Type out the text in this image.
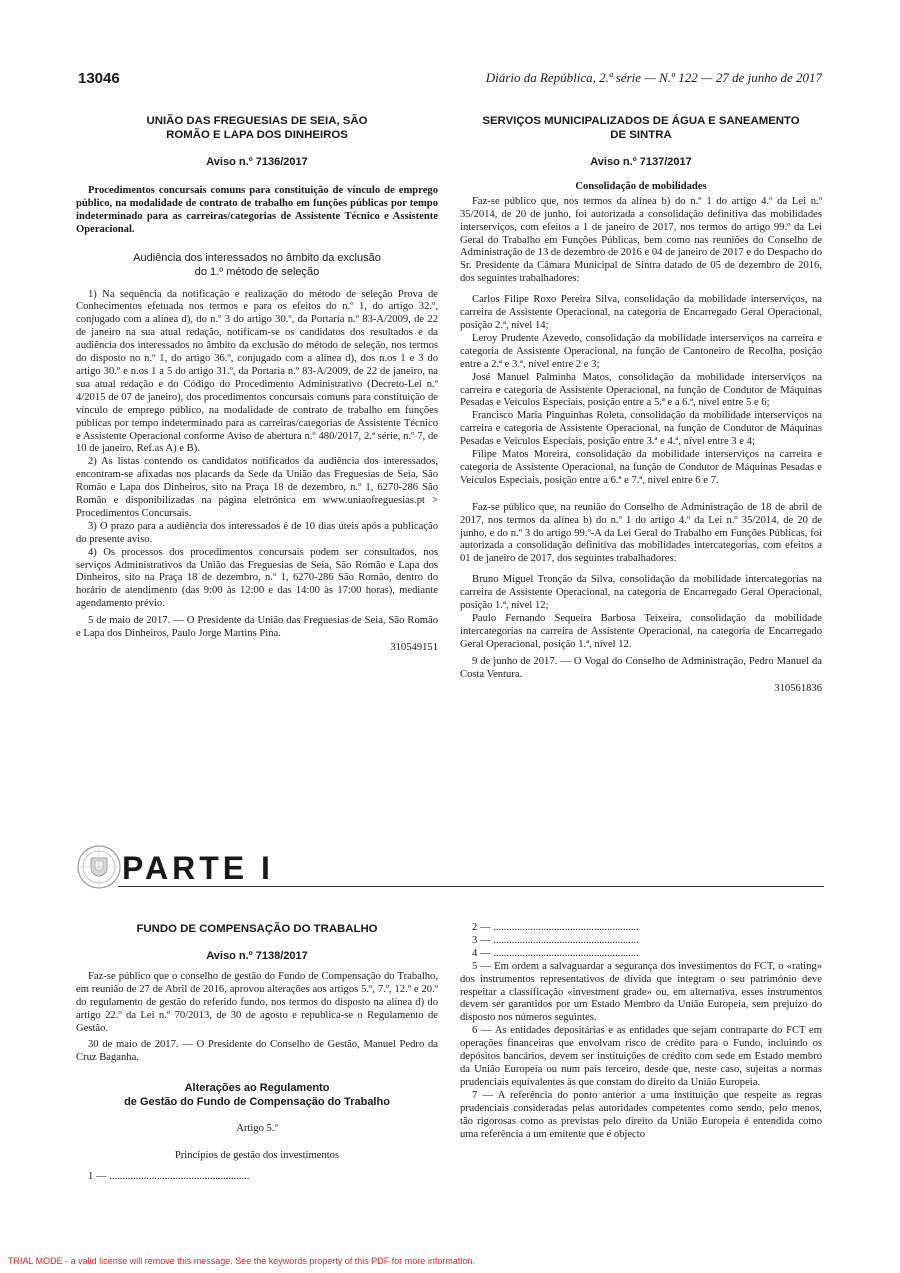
13046	Diário da República, 2.ª série — N.º 122 — 27 de junho de 2017
UNIÃO DAS FREGUESIAS DE SEIA, SÃO ROMÃO E LAPA DOS DINHEIROS
Aviso n.º 7136/2017
Procedimentos concursais comuns para constituição de vínculo de emprego público, na modalidade de contrato de trabalho em funções públicas por tempo indeterminado para as carreiras/categorias de Assistente Técnico e Assistente Operacional.
Audiência dos interessados no âmbito da exclusão
do 1.º método de seleção

1) Na sequência da notificação e realização do método de seleção Prova de Conhecimentos efetuada nos termos e para os efeitos do n.º 1, do artigo 32.º, conjugado com a alínea d), do n.º 3 do artigo 30.º, da Portaria n.º 83-A/2009, de 22 de janeiro na sua atual redação, notificam-se os candidatos dos resultados e da audiência dos interessados no âmbito da exclusão do método de seleção, nos termos do disposto no n.º 1, do artigo 36.º, conjugado com a alínea d), dos n.os 1 e 3 do artigo 30.º e n.os 1 a 5 do artigo 31.º, da Portaria n.º 83-A/2009, de 22 de janeiro, na sua atual redação e do Código do Procedimento Administrativo (Decreto-Lei n.º 4/2015 de 07 de janeiro), dos procedimentos concursais comuns para constituição de vínculo de emprego público, na modalidade de contrato de trabalho em funções públicas por tempo indeterminado para as carreiras/categorias de Assistente Técnico e Assistente Operacional conforme Aviso de abertura n.º 480/2017, 2.ª série, n.º 7, de 10 de janeiro, Ref.as A) e B).

2) As listas contendo os candidatos notificados da audiência dos interessados, encontram-se afixadas nos placards da Sede da União das Freguesias de Seia, São Romão e Lapa dos Dinheiros, sito na Praça 18 de dezembro, n.º 1, 6270-286 São Romão e disponibilizadas na página eletrónica em www.uniaofreguesias.pt > Procedimentos Concursais.

3) O prazo para a audiência dos interessados é de 10 dias úteis após a publicação do presente aviso.

4) Os processos dos procedimentos concursais podem ser consultados, nos serviços Administrativos da União das Freguesias de Seia, São Romão e Lapa dos Dinheiros, sito na Praça 18 de dezembro, n.º 1, 6270-286 São Romão, dentro do horário de atendimento (das 9:00 às 12:00 e das 14:00 às 17:00 horas), mediante agendamento prévio.

5 de maio de 2017. — O Presidente da União das Freguesias de Seia, São Romão e Lapa dos Dinheiros, Paulo Jorge Martins Pina.

310549151
SERVIÇOS MUNICIPALIZADOS DE ÁGUA E SANEAMENTO DE SINTRA
Aviso n.º 7137/2017
Consolidação de mobilidades

Faz-se público que, nos termos da alínea b) do n.º 1 do artigo 4.º da Lei n.º 35/2014, de 20 de junho, foi autorizada a consolidação definitiva das mobilidades interserviços, com efeitos a 1 de janeiro de 2017, nos termos do artigo 99.º da Lei Geral do Trabalho em Funções Públicas, bem como nas reuniões do Conselho de Administração de 13 de dezembro de 2016 e 04 de janeiro de 2017 e do Despacho do Sr. Presidente da Câmara Municipal de Sintra datado de 05 de dezembro de 2016, dos seguintes trabalhadores:

Carlos Filipe Roxo Pereira Silva, consolidação da mobilidade interserviços, na carreira de Assistente Operacional, na categoria de Encarregado Geral Operacional, posição 2.ª, nível 14;

Leroy Prudente Azevedo, consolidação da mobilidade interserviços na carreira e categoria de Assistente Operacional, na função de Cantoneiro de Recolha, posição entre a 2.ª e 3.ª, nível entre 2 e 3;

José Manuel Palminha Matos, consolidação da mobilidade interserviços na carreira e categoria de Assistente Operacional, na função de Condutor de Máquinas Pesadas e Veículos Especiais, posição entre a 5.ª e a 6.ª, nível entre 5 e 6;

Francisco Maria Pinguinhas Roleta, consolidação da mobilidade interserviços na carreira e categoria de Assistente Operacional, na função de Condutor de Máquinas Pesadas e Veículos Especiais, posição entre 3.ª e 4.ª, nível entre 3 e 4;

Filipe Matos Moreira, consolidação da mobilidade interserviços na carreira e categoria de Assistente Operacional, na função de Condutor de Máquinas Pesadas e Veículos Especiais, posição entre a 6.ª e 7.ª, nível entre 6 e 7.

Faz-se público que, na reunião do Conselho de Administração de 18 de abril de 2017, nos termos da alínea b) do n.º 1 do artigo 4.º da Lei n.º 35/2014, de 20 de junho, e do n.º 3 do artigo 99.º-A da Lei Geral do Trabalho em Funções Públicas, foi autorizada a consolidação definitiva das mobilidades intercategorias, com efeitos a 01 de janeiro de 2017, dos seguintes trabalhadores:

Bruno Miguel Tronção da Silva, consolidação da mobilidade intercategorias na carreira de Assistente Operacional, na categoria de Encarregado Geral Operacional, posição 1.ª, nível 12;

Paulo Fernando Sequeira Barbosa Teixeira, consolidação da mobilidade intercategorias na carreira de Assistente Operacional, na categoria de Encarregado Geral Operacional, posição 1.ª, nível 12.

9 de junho de 2017. — O Vogal do Conselho de Administração, Pedro Manuel da Costa Ventura.

310561836
PARTE I
FUNDO DE COMPENSAÇÃO DO TRABALHO
Aviso n.º 7138/2017

Faz-se público que o conselho de gestão do Fundo de Compensação do Trabalho, em reunião de 27 de Abril de 2016, aprovou alterações aos artigos 5.º, 7.º, 12.º e 20.º do regulamento de gestão do referido fundo, nos termos do disposto na alínea d) do artigo 22.º da Lei n.º 70/2013, de 30 de agosto e republica-se o Regulamento de Gestão.

30 de maio de 2017. — O Presidente do Conselho de Gestão, Manuel Pedro da Cruz Baganha.

Alterações ao Regulamento
de Gestão do Fundo de Compensação do Trabalho

Artigo 5.º

Princípios de gestão dos investimentos

1 — .....................................................

2 — .......................................................

3 — .......................................................

4 — .......................................................

5 — Em ordem a salvaguardar a segurança dos investimentos do FCT, o «rating» dos instrumentos representativos de dívida que integram o seu património deve respeitar a classificação «investment grade» ou, em alternativa, esses instrumentos devem ser garantidos por um Estado Membro da União Europeia, sem prejuízo do disposto nos números seguintes.

6 — As entidades depositárias e as entidades que sejam contraparte do FCT em operações financeiras que envolvam risco de crédito para o Fundo, incluindo os depósitos bancários, devem ser instituições de crédito com sede em Estado membro da União Europeia ou num país terceiro, desde que, neste caso, sujeitas a normas prudenciais equivalentes às que constam do direito da União Europeia.

7 — A referência do ponto anterior a uma instituição que respeite as regras prudenciais consideradas pelas autoridades competentes como sendo, pelo menos, tão rigorosas como as previstas pelo direito da União Europeia é entendida como uma referência a um emitente que é objecto

TRIAL MODE - a valid license will remove this message. See the keywords property of this PDF for more information.
